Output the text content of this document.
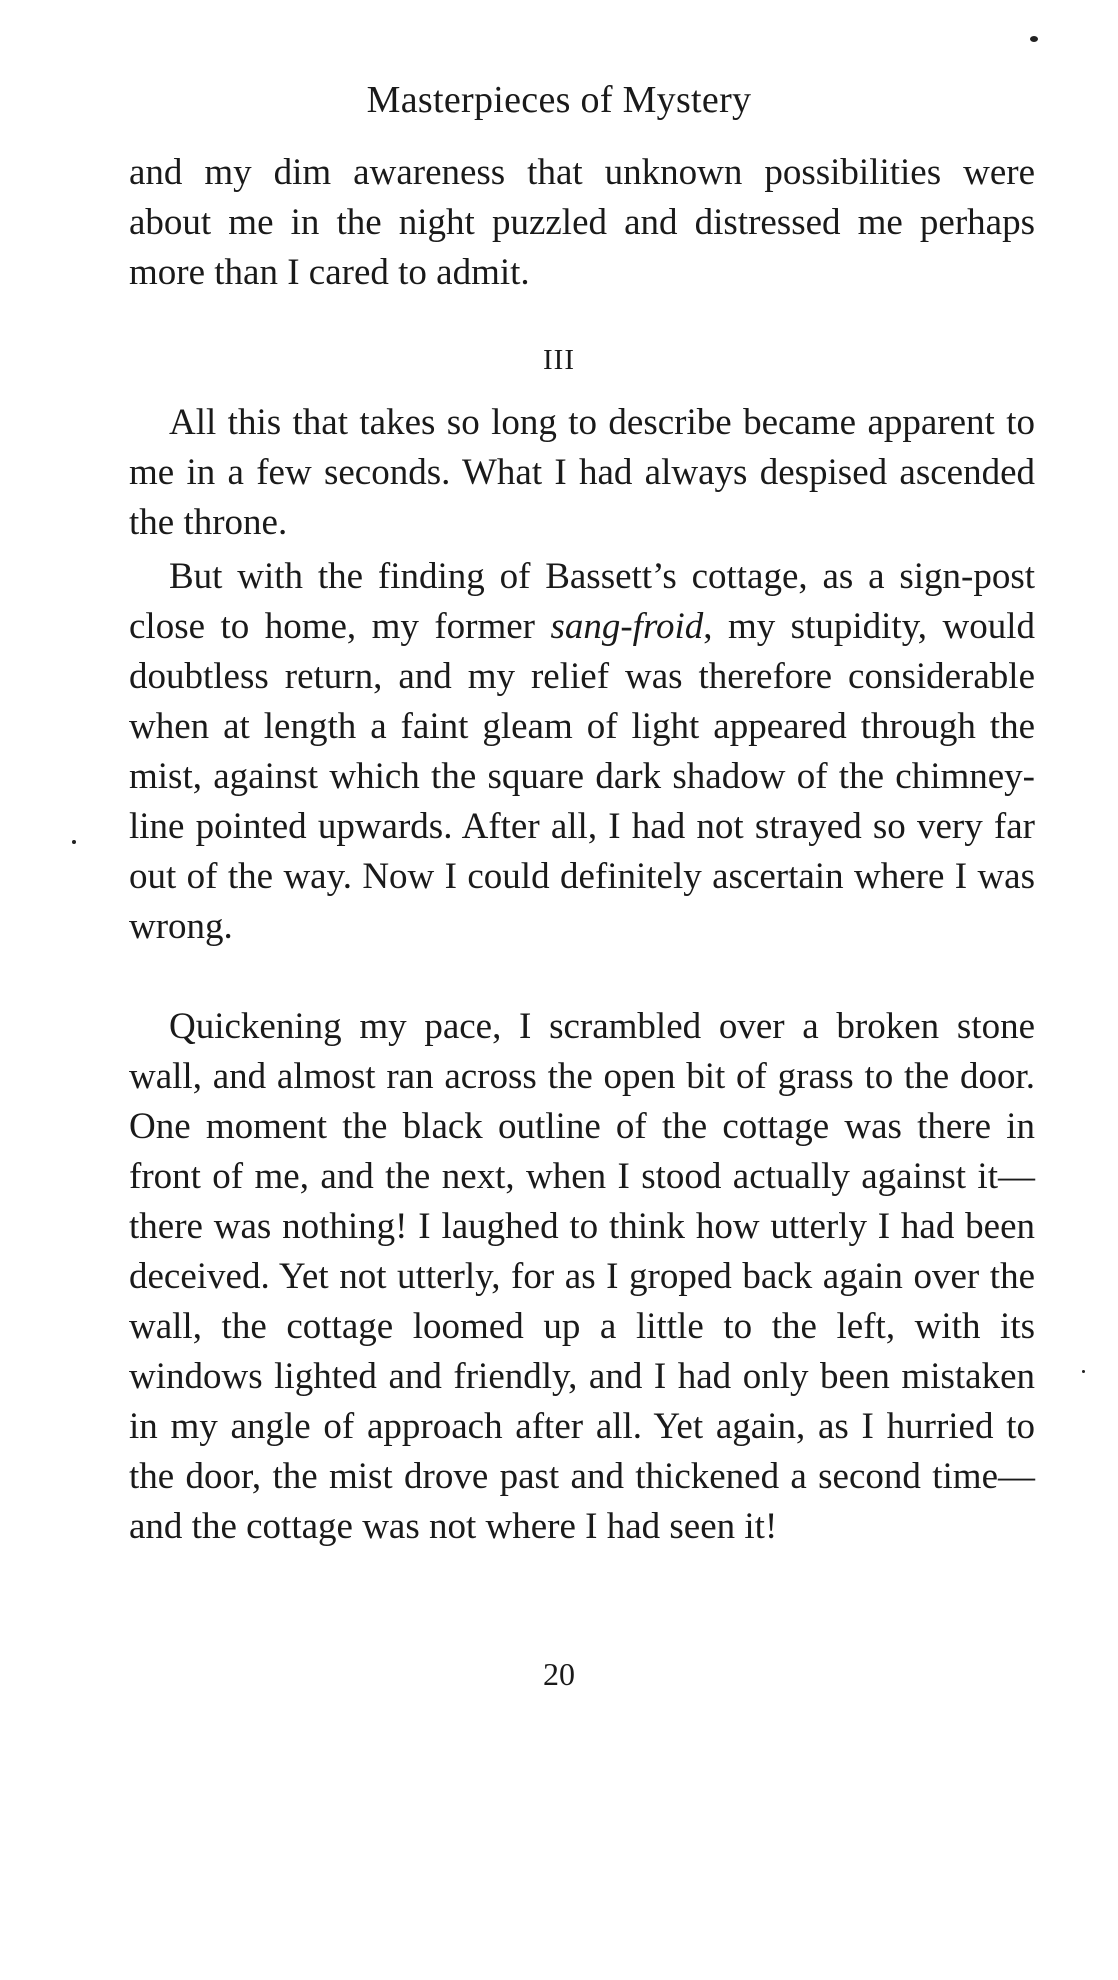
Masterpieces of Mystery

and my dim awareness that unknown possibilities were about me in the night puzzled and distressed me perhaps more than I cared to admit.

III

All this that takes so long to describe became apparent to me in a few seconds. What I had always despised ascended the throne.

But with the finding of Bassett’s cottage, as a sign-post close to home, my former sang-froid, my stupidity, would doubtless return, and my relief was therefore considerable when at length a faint gleam of light appeared through the mist, against which the square dark shadow of the chimney-line pointed upwards. After all, I had not strayed so very far out of the way. Now I could definitely ascertain where I was wrong.

Quickening my pace, I scrambled over a broken stone wall, and almost ran across the open bit of grass to the door. One moment the black outline of the cottage was there in front of me, and the next, when I stood actually against it—there was nothing! I laughed to think how utterly I had been deceived. Yet not utterly, for as I groped back again over the wall, the cottage loomed up a little to the left, with its windows lighted and friendly, and I had only been mistaken in my angle of approach after all. Yet again, as I hurried to the door, the mist drove past and thickened a second time—and the cottage was not where I had seen it!

20
